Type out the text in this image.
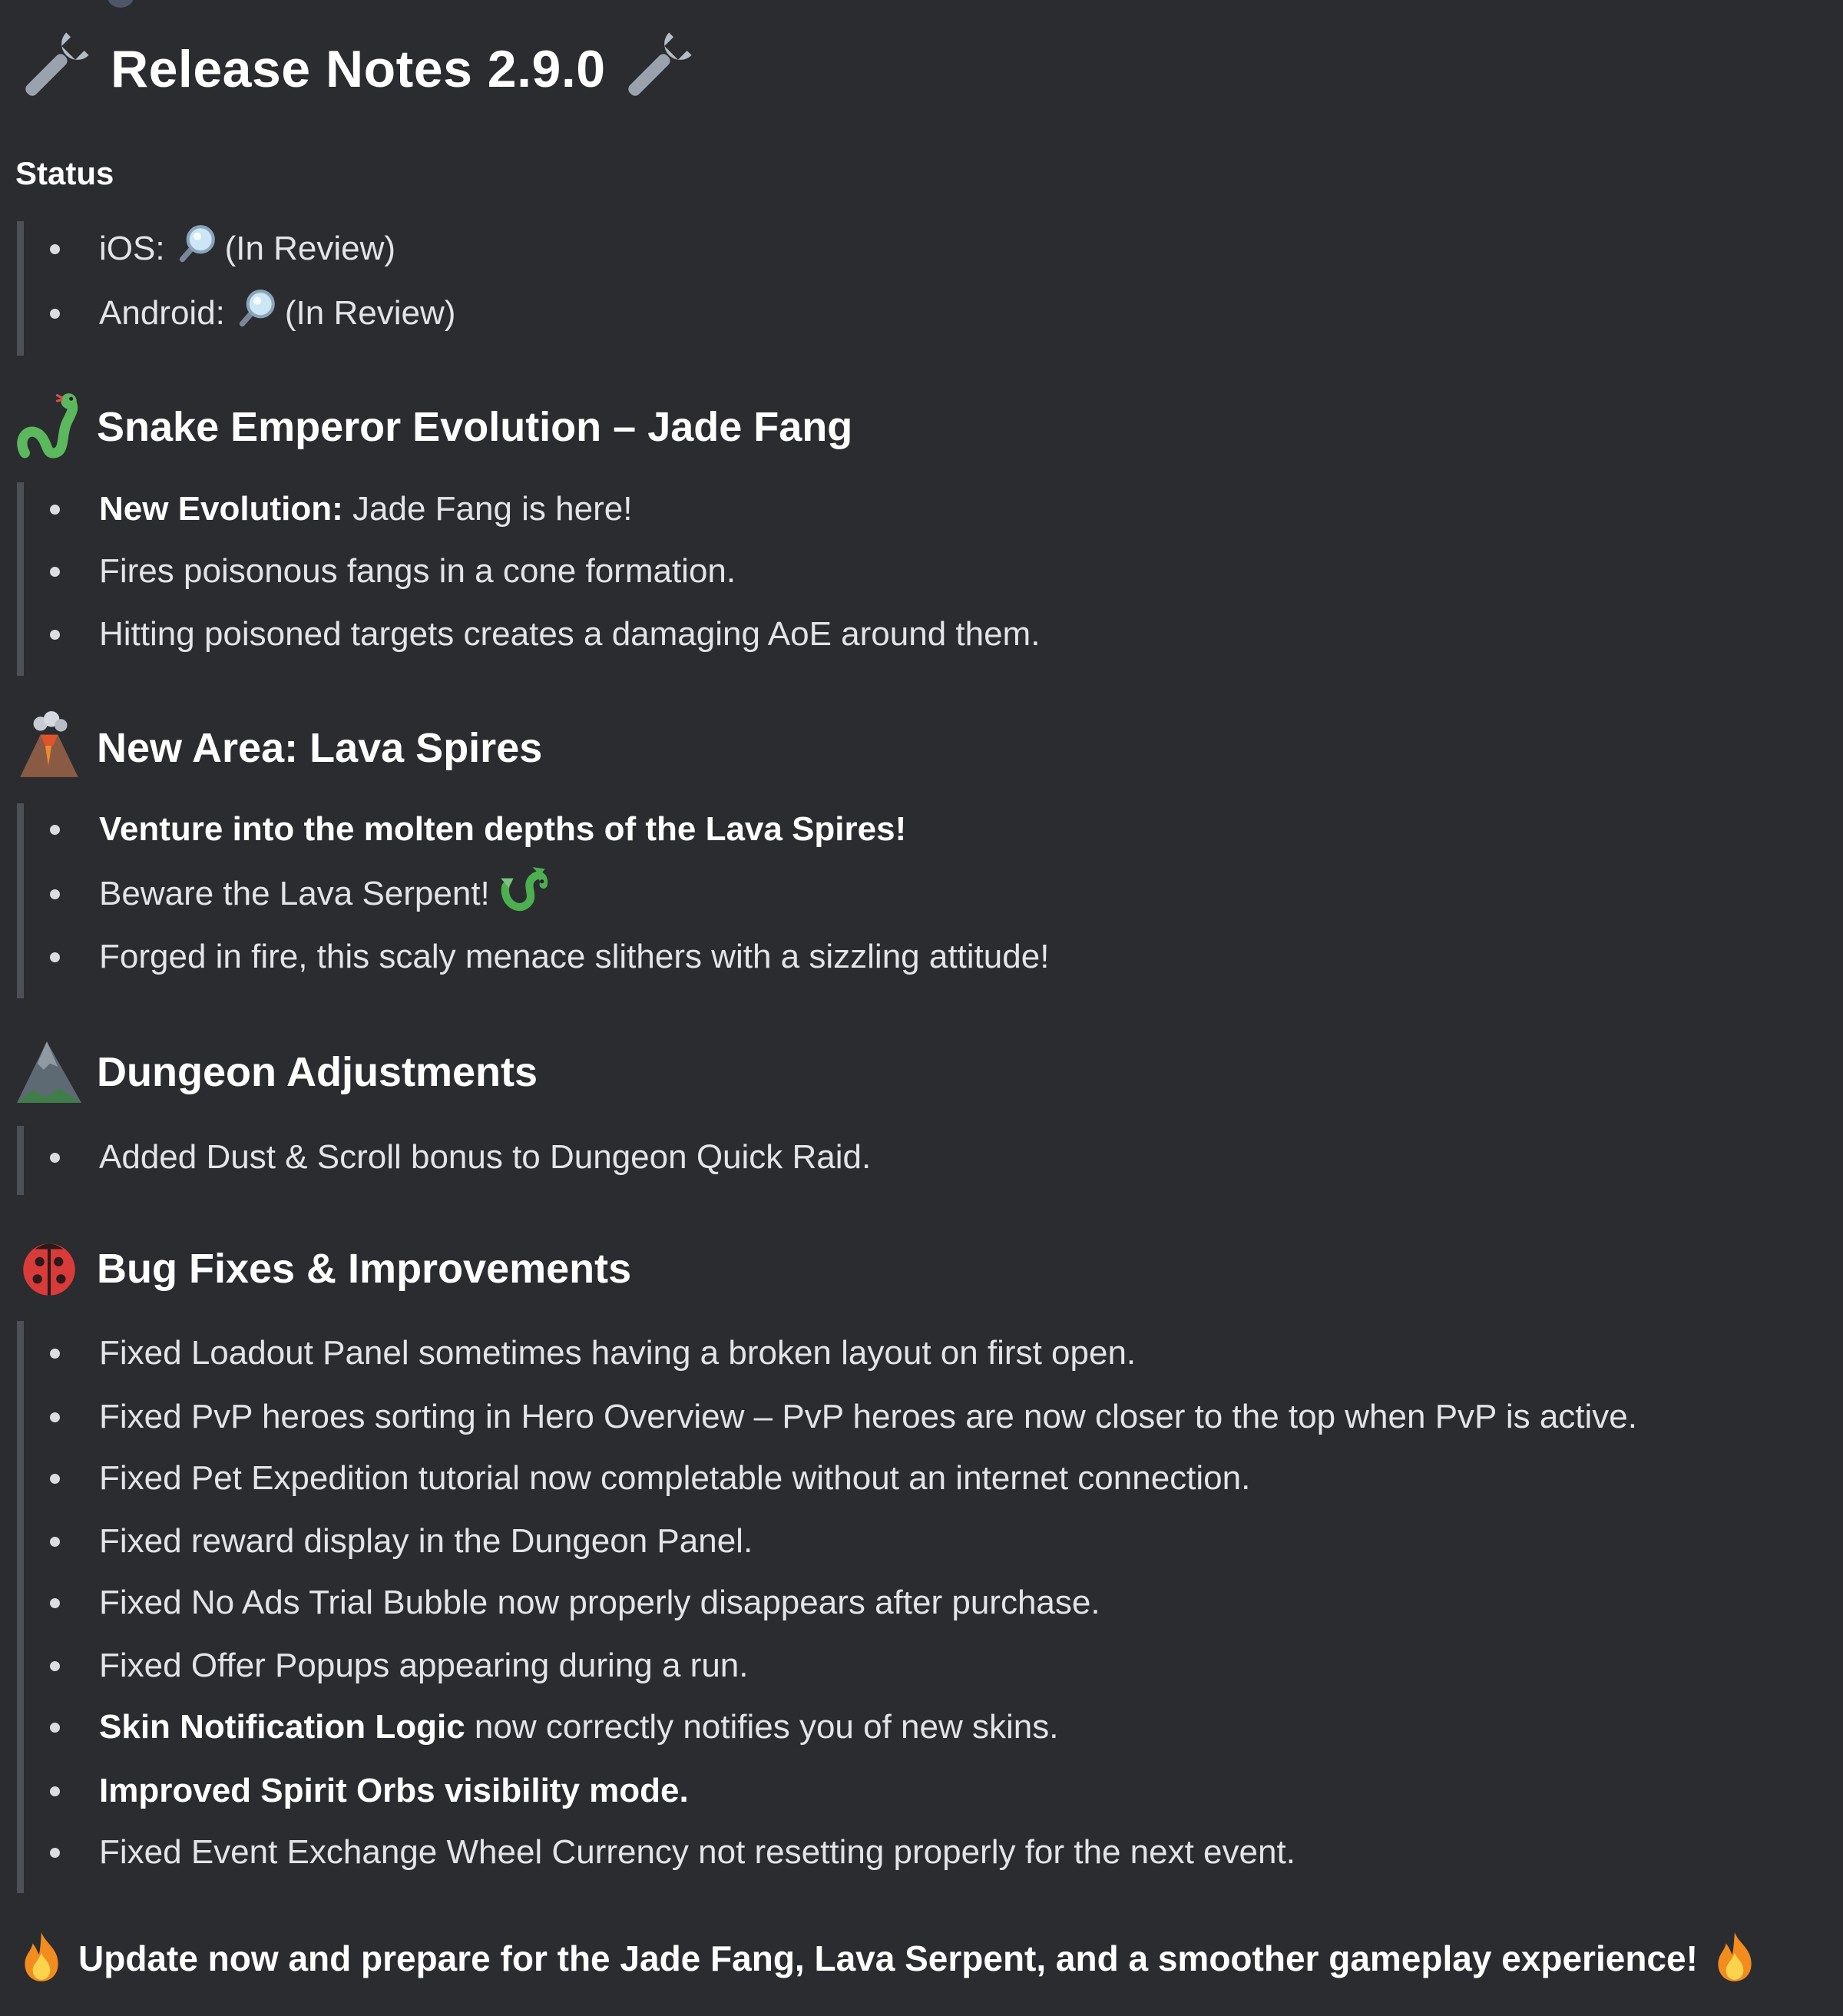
Release Notes 2.9.0
Status
iOS: (In Review)
Android: (In Review)
Snake Emperor Evolution – Jade Fang
New Evolution: Jade Fang is here!
Fires poisonous fangs in a cone formation.
Hitting poisoned targets creates a damaging AoE around them.
New Area: Lava Spires
Venture into the molten depths of the Lava Spires!
Beware the Lava Serpent!
Forged in fire, this scaly menace slithers with a sizzling attitude!
Dungeon Adjustments
Added Dust & Scroll bonus to Dungeon Quick Raid.
Bug Fixes & Improvements
Fixed Loadout Panel sometimes having a broken layout on first open.
Fixed PvP heroes sorting in Hero Overview – PvP heroes are now closer to the top when PvP is active.
Fixed Pet Expedition tutorial now completable without an internet connection.
Fixed reward display in the Dungeon Panel.
Fixed No Ads Trial Bubble now properly disappears after purchase.
Fixed Offer Popups appearing during a run.
Skin Notification Logic now correctly notifies you of new skins.
Improved Spirit Orbs visibility mode.
Fixed Event Exchange Wheel Currency not resetting properly for the next event.
Update now and prepare for the Jade Fang, Lava Serpent, and a smoother gameplay experience!
